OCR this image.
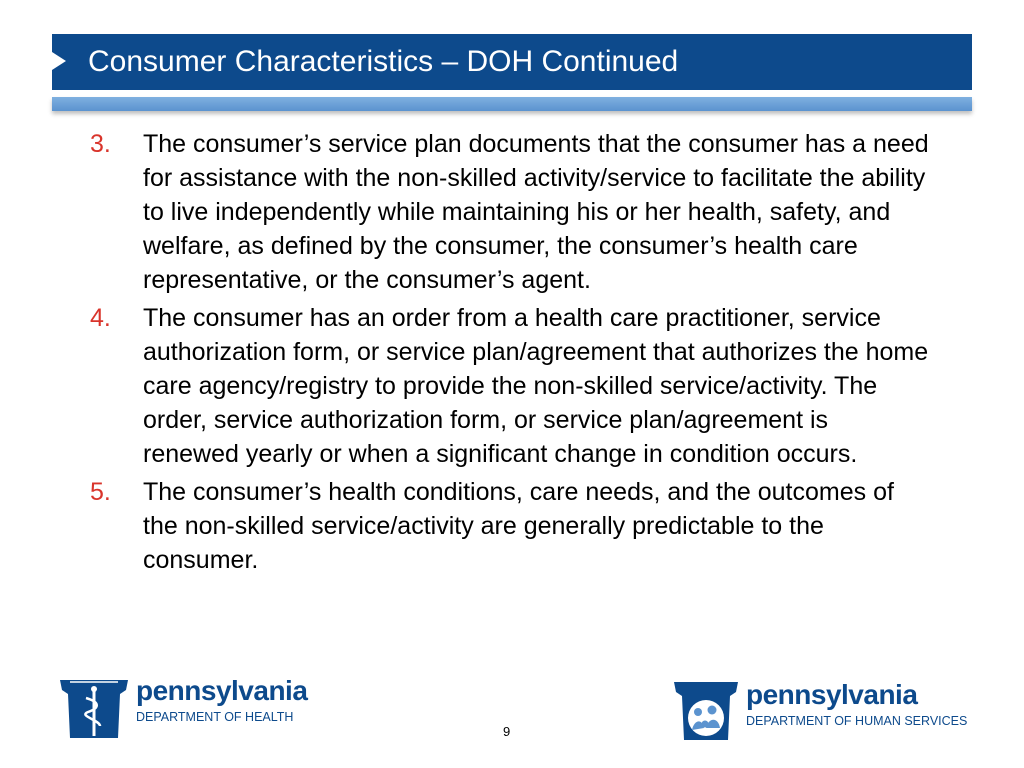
Consumer Characteristics – DOH Continued
3.	The consumer’s service plan documents that the consumer has a need for assistance with the non-skilled activity/service to facilitate the ability to live independently while maintaining his or her health, safety, and welfare, as defined by the consumer, the consumer’s health care representative, or the consumer’s agent.
4.	The consumer has an order from a health care practitioner, service authorization form, or service plan/agreement that authorizes the home care agency/registry to provide the non-skilled service/activity. The order, service authorization form, or service plan/agreement is renewed yearly or when a significant change in condition occurs.
5.	The consumer’s health conditions, care needs, and the outcomes of the non-skilled service/activity are generally predictable to the consumer.
pennsylvania
DEPARTMENT OF HEALTH
9
pennsylvania
DEPARTMENT OF HUMAN SERVICES
